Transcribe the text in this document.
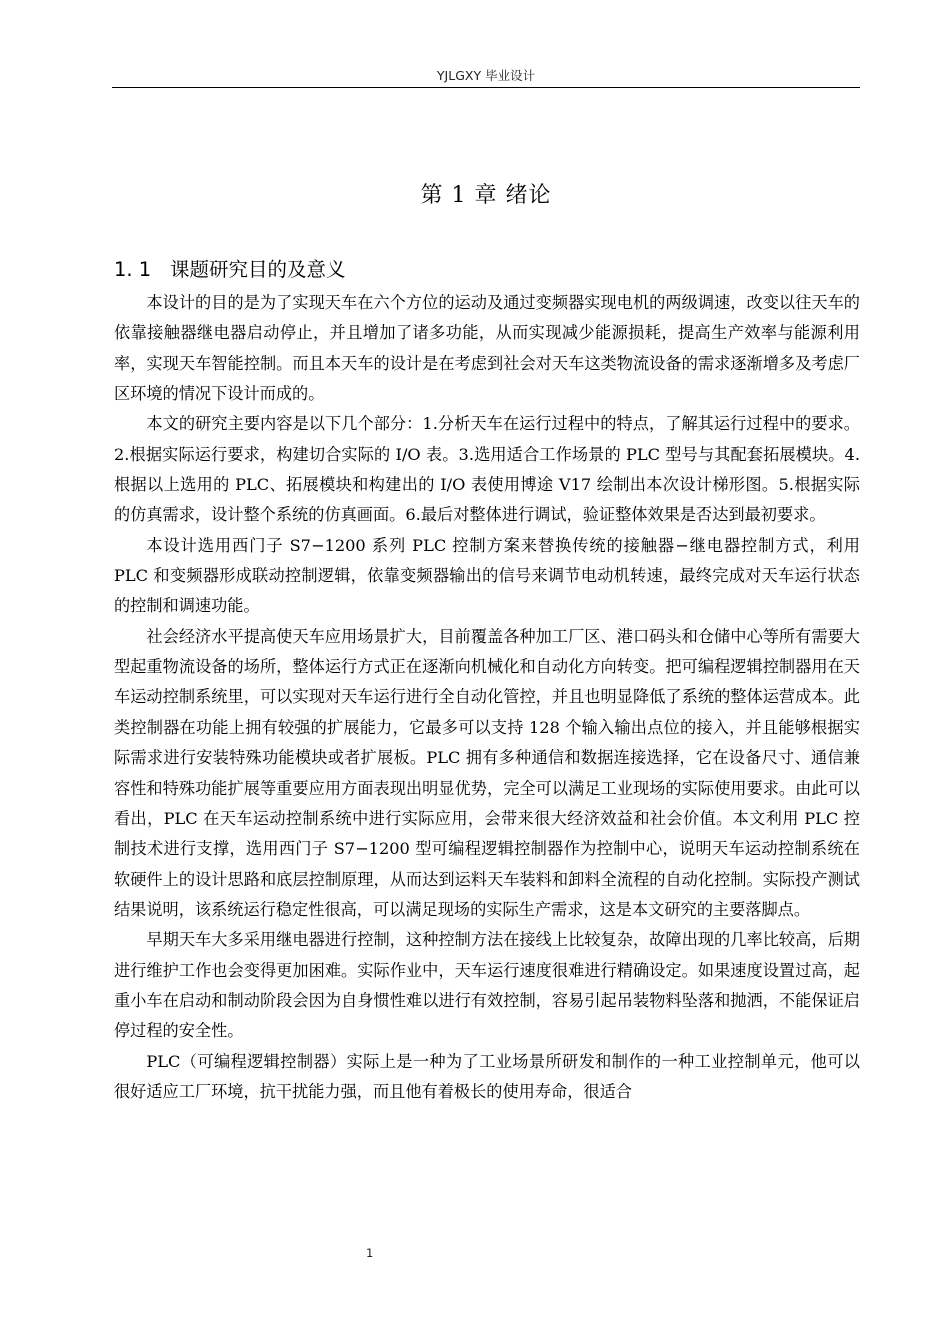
YJLGXY 毕业设计
第 1 章 绪论
1. 1 课题研究目的及意义

本设计的目的是为了实现天车在六个方位的运动及通过变频器实现电机的两级调速，改变以往天车的依靠接触器继电器启动停止，并且增加了诸多功能，从而实现减少能源损耗，提高生产效率与能源利用率，实现天车智能控制。而且本天车的设计是在考虑到社会对天车这类物流设备的需求逐渐增多及考虑厂区环境的情况下设计而成的。

本文的研究主要内容是以下几个部分：1.分析天车在运行过程中的特点，了解其运行过程中的要求。2.根据实际运行要求，构建切合实际的 I/O 表。3.选用适合工作场景的 PLC 型号与其配套拓展模块。4.根据以上选用的 PLC、拓展模块和构建出的 I/O 表使用博途 V17 绘制出本次设计梯形图。5.根据实际的仿真需求，设计整个系统的仿真画面。6.最后对整体进行调试，验证整体效果是否达到最初要求。

本设计选用西门子 S7−1200 系列 PLC 控制方案来替换传统的接触器−继电器控制方式，利用 PLC 和变频器形成联动控制逻辑，依靠变频器输出的信号来调节电动机转速，最终完成对天车运行状态的控制和调速功能。

社会经济水平提高使天车应用场景扩大，目前覆盖各种加工厂区、港口码头和仓储中心等所有需要大型起重物流设备的场所，整体运行方式正在逐渐向机械化和自动化方向转变。把可编程逻辑控制器用在天车运动控制系统里，可以实现对天车运行进行全自动化管控，并且也明显降低了系统的整体运营成本。此类控制器在功能上拥有较强的扩展能力，它最多可以支持 128 个输入输出点位的接入，并且能够根据实际需求进行安装特殊功能模块或者扩展板。PLC 拥有多种通信和数据连接选择，它在设备尺寸、通信兼容性和特殊功能扩展等重要应用方面表现出明显优势，完全可以满足工业现场的实际使用要求。由此可以看出，PLC 在天车运动控制系统中进行实际应用，会带来很大经济效益和社会价值。本文利用 PLC 控制技术进行支撑，选用西门子 S7−1200 型可编程逻辑控制器作为控制中心，说明天车运动控制系统在软硬件上的设计思路和底层控制原理，从而达到运料天车装料和卸料全流程的自动化控制。实际投产测试结果说明，该系统运行稳定性很高，可以满足现场的实际生产需求，这是本文研究的主要落脚点。

早期天车大多采用继电器进行控制，这种控制方法在接线上比较复杂，故障出现的几率比较高，后期进行维护工作也会变得更加困难。实际作业中，天车运行速度很难进行精确设定。如果速度设置过高，起重小车在启动和制动阶段会因为自身惯性难以进行有效控制，容易引起吊装物料坠落和抛洒，不能保证启停过程的安全性。

PLC（可编程逻辑控制器）实际上是一种为了工业场景所研发和制作的一种工业控制单元，他可以很好适应工厂环境，抗干扰能力强，而且他有着极长的使用寿命，很适合

1
